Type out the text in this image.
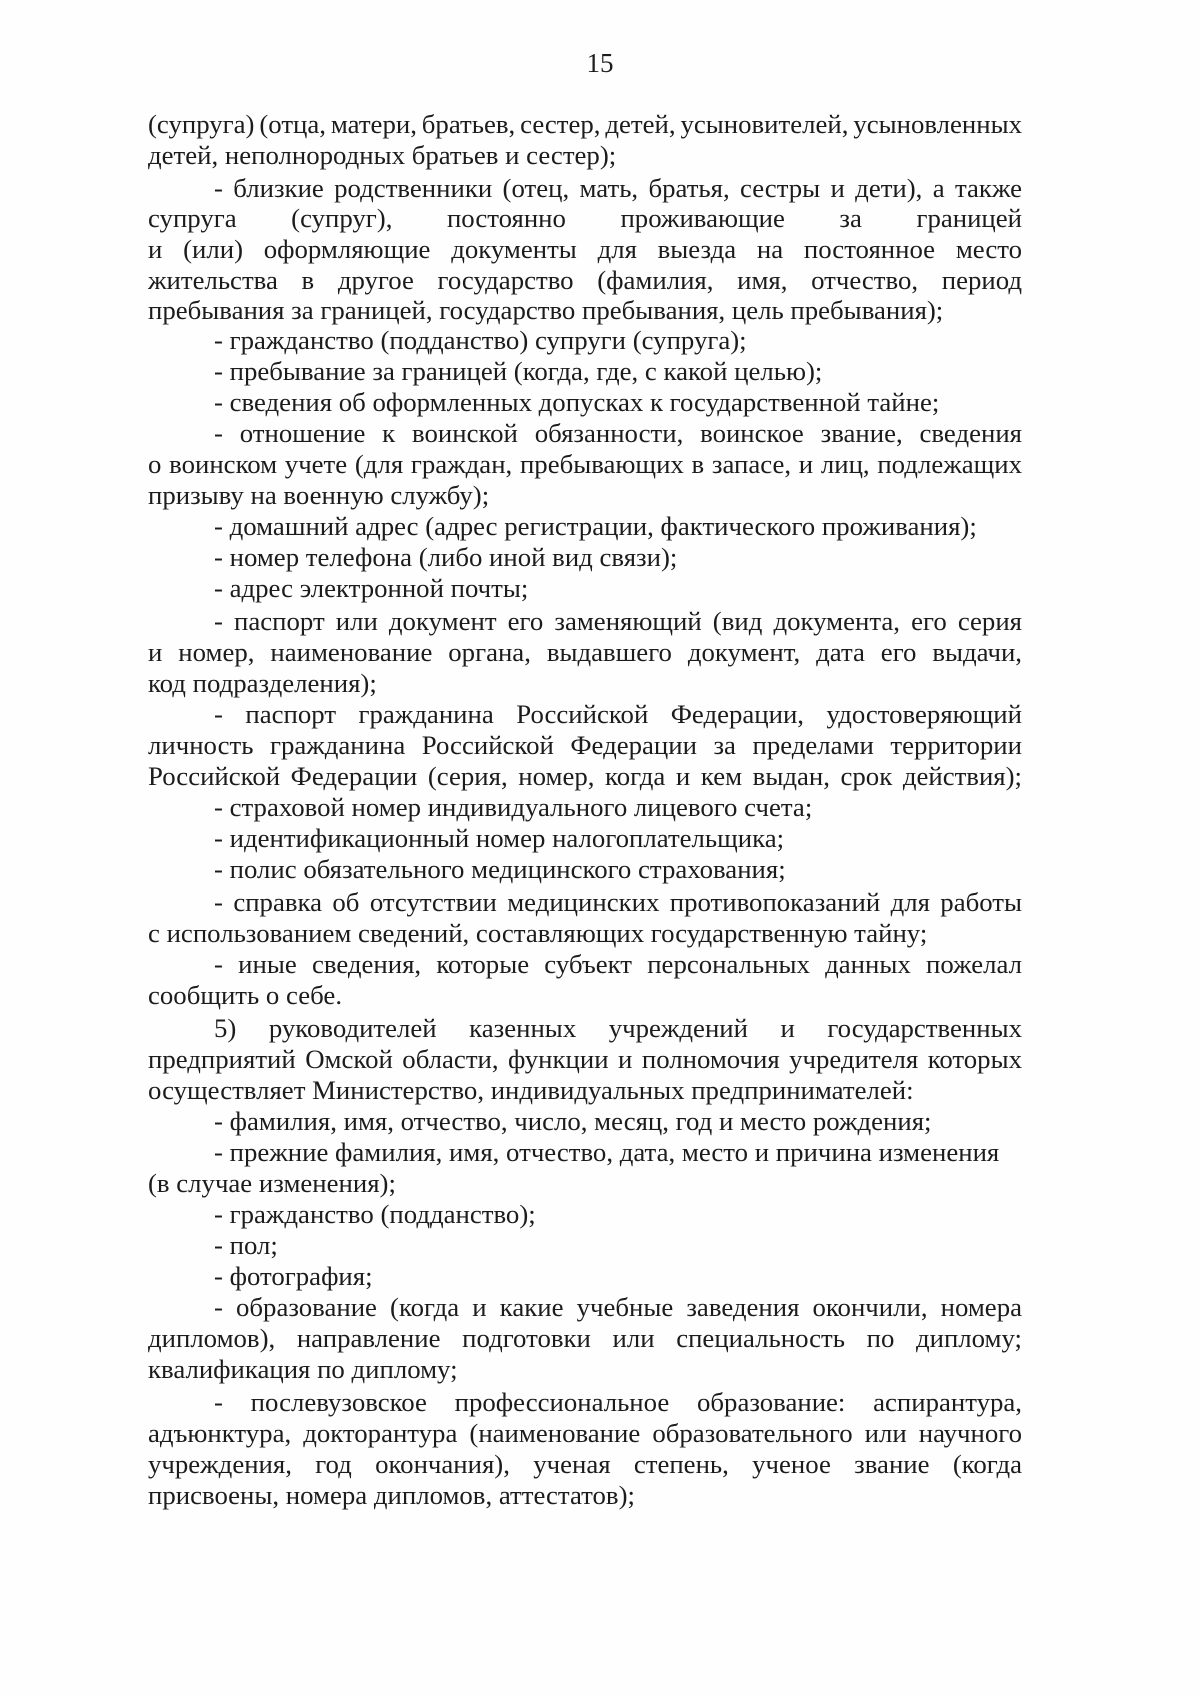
15
(супруга) (отца, матери, братьев, сестер, детей, усыновителей, усыновленных
детей, неполнородных братьев и сестер);
- близкие родственники (отец, мать, братья, сестры и дети), а также
супруга (супруг), постоянно проживающие за границей
и (или) оформляющие документы для выезда на постоянное место
жительства в другое государство (фамилия, имя, отчество, период
пребывания за границей, государство пребывания, цель пребывания);
- гражданство (подданство) супруги (супруга);
- пребывание за границей (когда, где, с какой целью);
- сведения об оформленных допусках к государственной тайне;
- отношение к воинской обязанности, воинское звание, сведения
о воинском учете (для граждан, пребывающих в запасе, и лиц, подлежащих
призыву на военную службу);
- домашний адрес (адрес регистрации, фактического проживания);
- номер телефона (либо иной вид связи);
- адрес электронной почты;
- паспорт или документ его заменяющий (вид документа, его серия
и номер, наименование органа, выдавшего документ, дата его выдачи,
код подразделения);
- паспорт гражданина Российской Федерации, удостоверяющий
личность гражданина Российской Федерации за пределами территории
Российской Федерации (серия, номер, когда и кем выдан, срок действия);
- страховой номер индивидуального лицевого счета;
- идентификационный номер налогоплательщика;
- полис обязательного медицинского страхования;
- справка об отсутствии медицинских противопоказаний для работы
с использованием сведений, составляющих государственную тайну;
- иные сведения, которые субъект персональных данных пожелал
сообщить о себе.
5) руководителей казенных учреждений и государственных
предприятий Омской области, функции и полномочия учредителя которых
осуществляет Министерство, индивидуальных предпринимателей:
- фамилия, имя, отчество, число, месяц, год и место рождения;
- прежние фамилия, имя, отчество, дата, место и причина изменения
(в случае изменения);
- гражданство (подданство);
- пол;
- фотография;
- образование (когда и какие учебные заведения окончили, номера
дипломов), направление подготовки или специальность по диплому;
квалификация по диплому;
- послевузовское профессиональное образование: аспирантура,
адъюнктура, докторантура (наименование образовательного или научного
учреждения, год окончания), ученая степень, ученое звание (когда
присвоены, номера дипломов, аттестатов);
